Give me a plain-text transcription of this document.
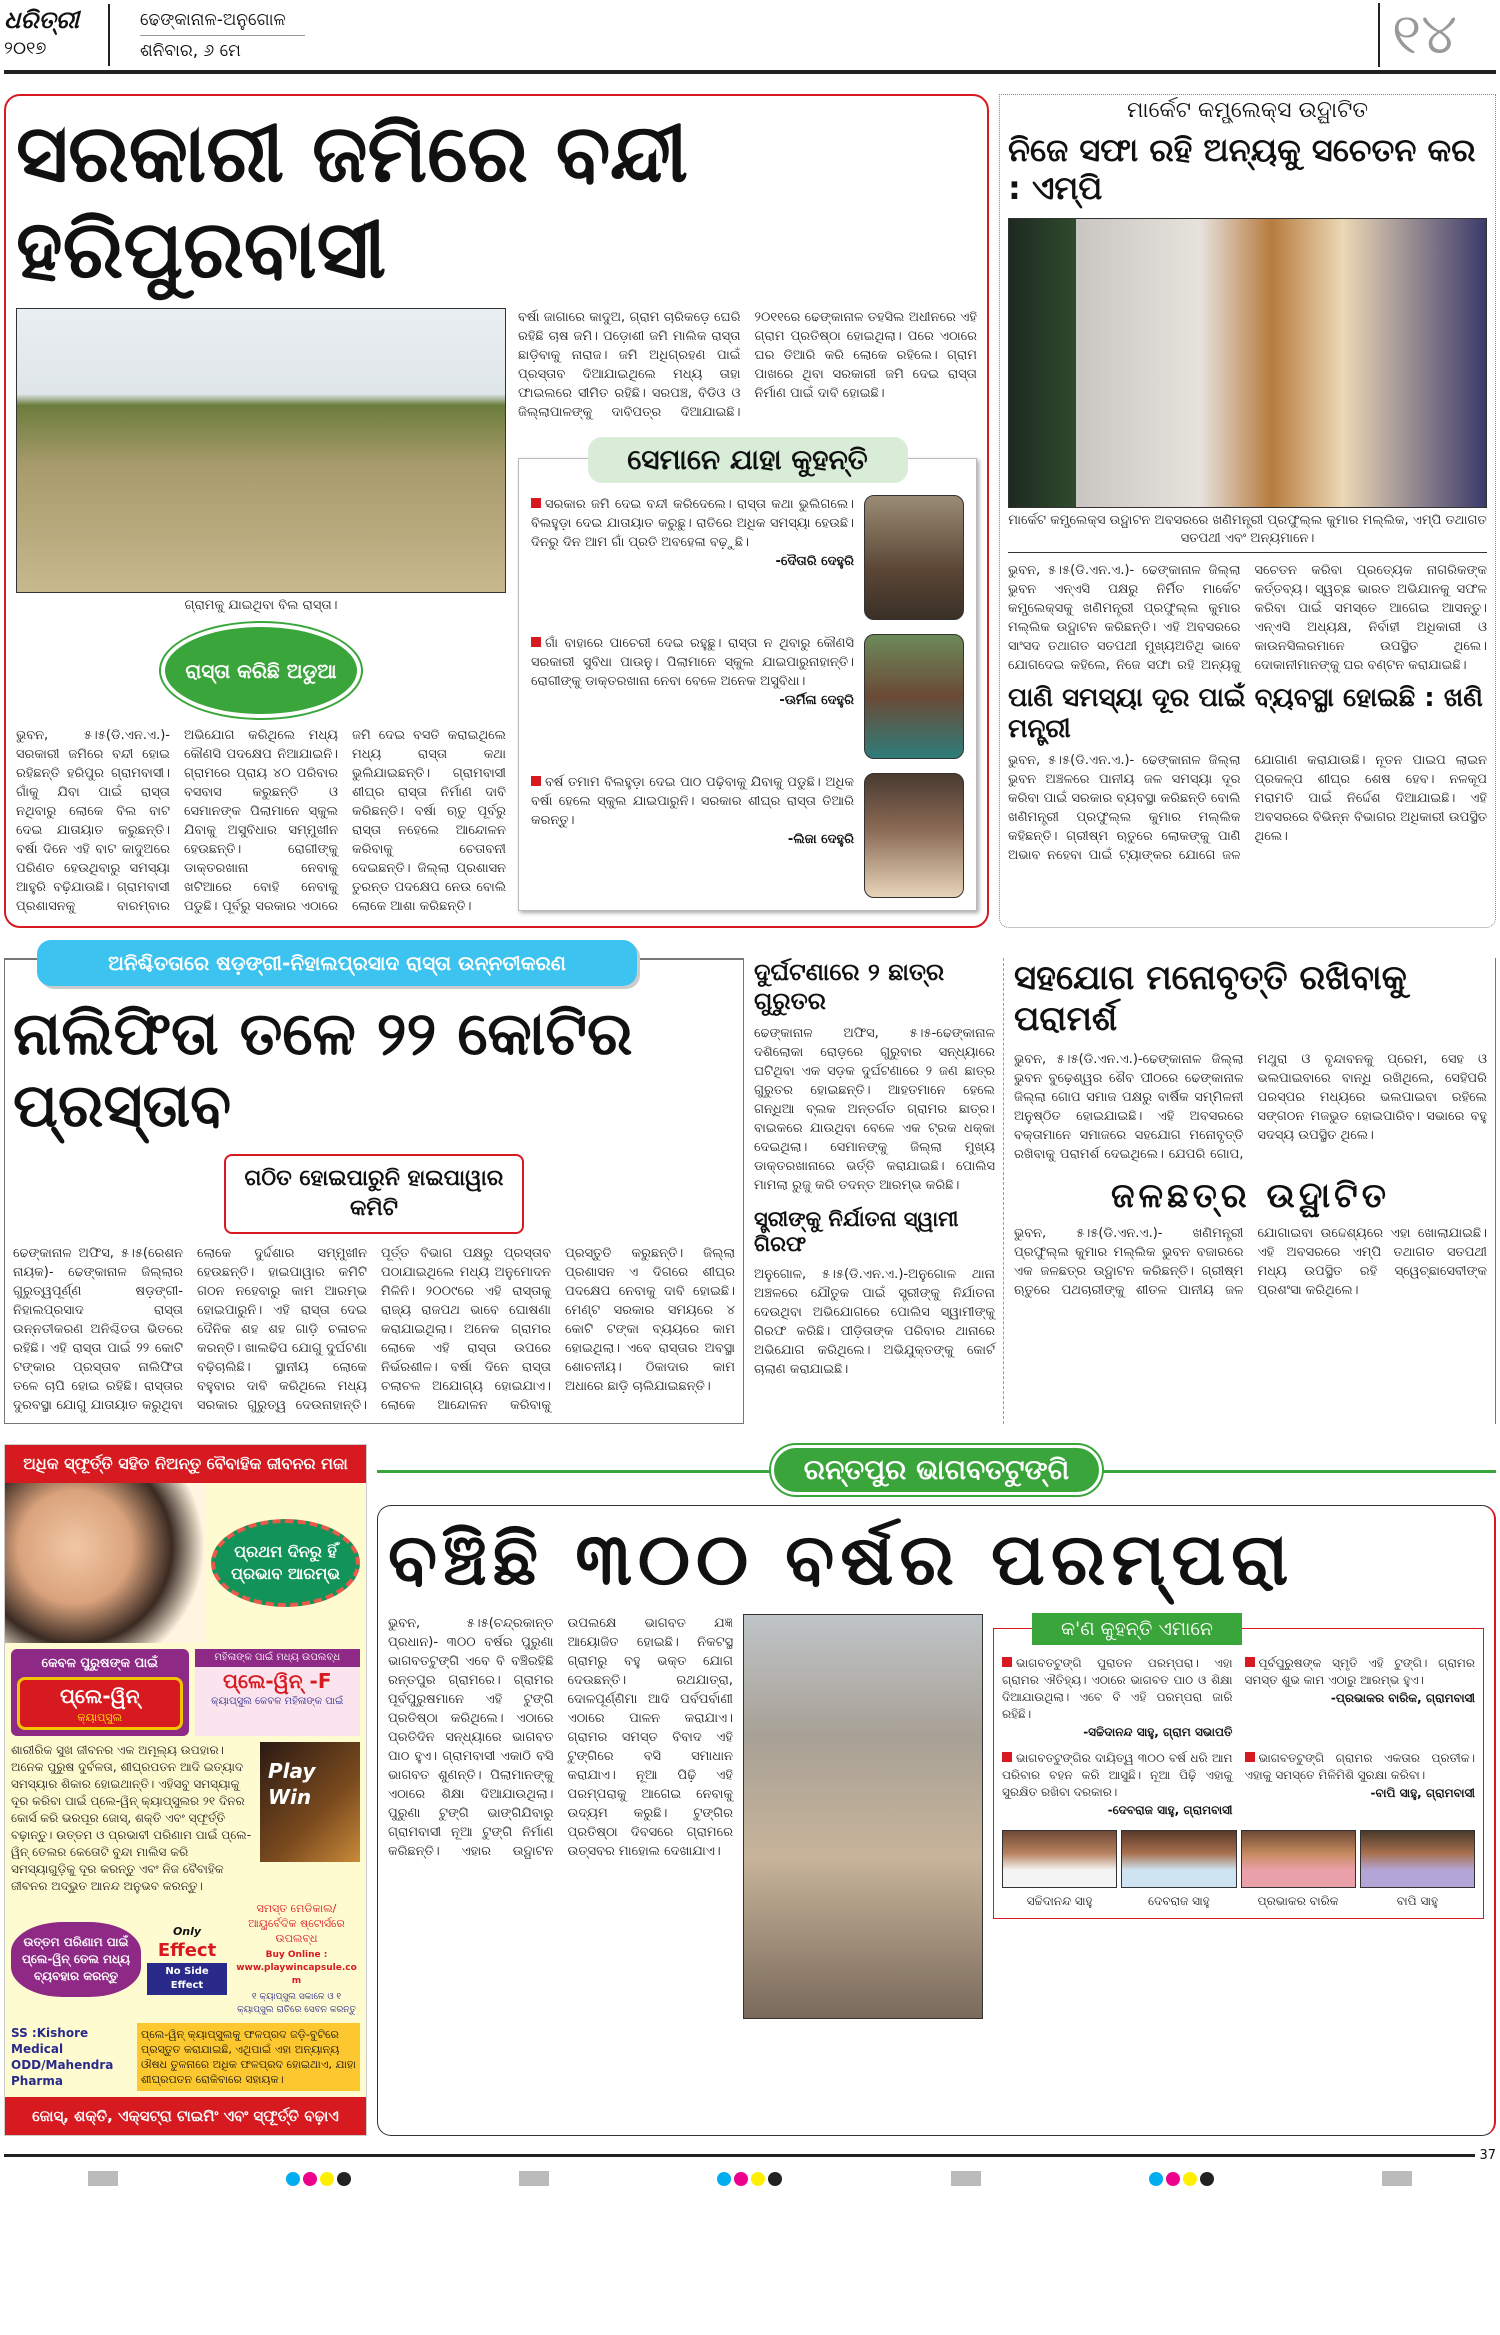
ଧରିତ୍ରୀ
୨୦୧୭
ଢେଙ୍କାନାଳ-ଅନୁଗୋଳ
ଶନିବାର, ୬ ମେ	୧୪
ସରକାରୀ ଜମିରେ ବନ୍ଦୀ ହରିପୁରବାସୀ
ଗ୍ରାମକୁ ଯାଇଥିବା ବିଲ ରାସ୍ତା।
ରାସ୍ତା କରିଛି ଅଡୁଆ
ଭୁବନ, ୫।୫(ଡି.ଏନ.ଏ.)- ସରକାରୀ ଜମିରେ ବନ୍ଦୀ ହୋଇ ରହିଛନ୍ତି ହରିପୁର ଗ୍ରାମବାସୀ। ଗାଁକୁ ଯିବା ପାଇଁ ରାସ୍ତା ନଥିବାରୁ ଲୋକେ ବିଲ ବାଟ ଦେଇ ଯାତାୟାତ କରୁଛନ୍ତି। ବର୍ଷା ଦିନେ ଏହି ବାଟ କାଦୁଅରେ ପରିଣତ ହେଉଥିବାରୁ ସମସ୍ୟା ଆହୁରି ବଢ଼ିଯାଉଛି। ଗ୍ରାମବାସୀ ପ୍ରଶାସନକୁ ବାରମ୍ବାର ଅଭିଯୋଗ କରିଥିଲେ ମଧ୍ୟ କୌଣସି ପଦକ୍ଷେପ ନିଆଯାଇନି। ଗ୍ରାମରେ ପ୍ରାୟ ୪୦ ପରିବାର ବସବାସ କରୁଛନ୍ତି ଓ ସେମାନଙ୍କ ପିଲାମାନେ ସ୍କୁଲ ଯିବାକୁ ଅସୁବିଧାର ସମ୍ମୁଖୀନ ହେଉଛନ୍ତି। ରୋଗୀଙ୍କୁ ଡାକ୍ତରଖାନା ନେବାକୁ ଖଟିଆରେ ବୋହି ନେବାକୁ ପଡୁଛି। ପୂର୍ବରୁ ସରକାର ଏଠାରେ ଜମି ଦେଇ ବସତି କରାଇଥିଲେ ମଧ୍ୟ ରାସ୍ତା କଥା ଭୁଲିଯାଇଛନ୍ତି। ଗ୍ରାମବାସୀ ଶୀଘ୍ର ରାସ୍ତା ନିର୍ମାଣ ଦାବି କରିଛନ୍ତି। ବର୍ଷା ଋତୁ ପୂର୍ବରୁ ରାସ୍ତା ନହେଲେ ଆନ୍ଦୋଳନ କରିବାକୁ ଚେତାବନୀ ଦେଇଛନ୍ତି। ଜିଲ୍ଲା ପ୍ରଶାସନ ତୁରନ୍ତ ପଦକ୍ଷେପ ନେଉ ବୋଲି ଲୋକେ ଆଶା କରିଛନ୍ତି।
ବର୍ଷା ଜାଗାରେ କାଦୁଅ, ଗ୍ରାମ ଚାରିକଡ଼େ ଘେରି ରହିଛି ଚାଷ ଜମି। ପଡ଼ୋଶୀ ଜମି ମାଲିକ ରାସ୍ତା ଛାଡ଼ିବାକୁ ନାରାଜ। ଜମି ଅଧିଗ୍ରହଣ ପାଇଁ ପ୍ରସ୍ତାବ ଦିଆଯାଇଥିଲେ ମଧ୍ୟ ତାହା ଫାଇଲରେ ସୀମିତ ରହିଛି। ସରପଞ୍ଚ, ବିଡିଓ ଓ ଜିଲ୍ଲାପାଳଙ୍କୁ ଦାବିପତ୍ର ଦିଆଯାଇଛି। ୨୦୧୧ରେ ଢେଙ୍କାନାଳ ତହସିଲ ଅଧୀନରେ ଏହି ଗ୍ରାମ ପ୍ରତିଷ୍ଠା ହୋଇଥିଲା। ପରେ ଏଠାରେ ଘର ତିଆରି କରି ଲୋକେ ରହିଲେ। ଗ୍ରାମ ପାଖରେ ଥିବା ସରକାରୀ ଜମି ଦେଇ ରାସ୍ତା ନିର୍ମାଣ ପାଇଁ ଦାବି ହୋଇଛି।
ସେମାନେ ଯାହା କୁହନ୍ତି
ସରକାର ଜମି ଦେଇ ବନ୍ଦୀ କରିଦେଲେ। ରାସ୍ତା କଥା ଭୁଲିଗଲେ। ବିଲହୁଡ଼ା ଦେଇ ଯାତାୟାତ କରୁଛୁ। ରାତିରେ ଅଧିକ ସମସ୍ୟା ହେଉଛି। ଦିନରୁ ଦିନ ଆମ ଗାଁ ପ୍ରତି ଅବହେଳା ବଢ଼ୁଛି।
-ଦୈତାରି ଦେହୁରି
ଗାଁ ବାହାରେ ପାଚେରୀ ଦେଇ ରହୁଛୁ। ରାସ୍ତା ନ ଥିବାରୁ କୌଣସି ସରକାରୀ ସୁବିଧା ପାଉନୁ। ପିଲାମାନେ ସ୍କୁଲ ଯାଇପାରୁନାହାନ୍ତି। ରୋଗୀଙ୍କୁ ଡାକ୍ତରଖାନା ନେବା ବେଳେ ଅନେକ ଅସୁବିଧା।
-ଊର୍ମିଳା ଦେହୁରି
ବର୍ଷ ତମାମ ବିଲହୁଡ଼ା ଦେଇ ପାଠ ପଢ଼ିବାକୁ ଯିବାକୁ ପଡୁଛି। ଅଧିକ ବର୍ଷା ହେଲେ ସ୍କୁଲ ଯାଇପାରୁନି। ସରକାର ଶୀଘ୍ର ରାସ୍ତା ତିଆରି କରନ୍ତୁ।
-ଲିଜା ଦେହୁରି
ମାର୍କେଟ କମ୍ପ୍ଲେକ୍ସ ଉଦ୍ଘାଟିତ
ନିଜେ ସଫା ରହି ଅନ୍ୟକୁ ସଚେତନ କର : ଏମ୍‌ପି
ମାର୍କେଟ କମ୍ପ୍ଲେକ୍ସ ଉଦ୍ଘାଟନ ଅବସରରେ ଖଣିମନ୍ତ୍ରୀ ପ୍ରଫୁଲ୍ଲ କୁମାର ମଲ୍ଲିକ, ଏମ୍‌ପି ତଥାଗତ ସତପଥୀ ଏବଂ ଅନ୍ୟମାନେ।
ଭୁବନ, ୫।୫(ଡି.ଏନ.ଏ.)- ଢେଙ୍କାନାଳ ଜିଲ୍ଲା ଭୁବନ ଏନ୍‌ଏସି ପକ୍ଷରୁ ନିର୍ମିତ ମାର୍କେଟ କମ୍ପ୍ଲେକ୍ସକୁ ଖଣିମନ୍ତ୍ରୀ ପ୍ରଫୁଲ୍ଲ କୁମାର ମଲ୍ଲିକ ଉଦ୍ଘାଟନ କରିଛନ୍ତି। ଏହି ଅବସରରେ ସାଂସଦ ତଥାଗତ ସତପଥୀ ମୁଖ୍ୟଅତିଥି ଭାବେ ଯୋଗଦେଇ କହିଲେ, ନିଜେ ସଫା ରହି ଅନ୍ୟକୁ ସଚେତନ କରିବା ପ୍ରତ୍ୟେକ ନାଗରିକଙ୍କ କର୍ତ୍ତବ୍ୟ। ସ୍ୱଚ୍ଛ ଭାରତ ଅଭିଯାନକୁ ସଫଳ କରିବା ପାଇଁ ସମସ୍ତେ ଆଗେଇ ଆସନ୍ତୁ। ଏନ୍‌ଏସି ଅଧ୍ୟକ୍ଷ, ନିର୍ବାହୀ ଅଧିକାରୀ ଓ କାଉନସିଲରମାନେ ଉପସ୍ଥିତ ଥିଲେ। ଦୋକାନୀମାନଙ୍କୁ ଘର ବଣ୍ଟନ କରାଯାଇଛି।
ପାଣି ସମସ୍ୟା ଦୂର ପାଇଁ ବ୍ୟବସ୍ଥା ହୋଇଛି : ଖଣି ମନ୍ତ୍ରୀ
ଭୁବନ, ୫।୫(ଡି.ଏନ.ଏ.)- ଢେଙ୍କାନାଳ ଜିଲ୍ଲା ଭୁବନ ଅଞ୍ଚଳରେ ପାନୀୟ ଜଳ ସମସ୍ୟା ଦୂର କରିବା ପାଇଁ ସରକାର ବ୍ୟବସ୍ଥା କରିଛନ୍ତି ବୋଲି ଖଣିମନ୍ତ୍ରୀ ପ୍ରଫୁଲ୍ଲ କୁମାର ମଲ୍ଲିକ କହିଛନ୍ତି। ଗ୍ରୀଷ୍ମ ଋତୁରେ ଲୋକଙ୍କୁ ପାଣି ଅଭାବ ନହେବା ପାଇଁ ଟ୍ୟାଙ୍କର ଯୋଗେ ଜଳ ଯୋଗାଣ କରାଯାଉଛି। ନୂତନ ପାଇପ ଲାଇନ ପ୍ରକଳ୍ପ ଶୀଘ୍ର ଶେଷ ହେବ। ନଳକୂପ ମରାମତି ପାଇଁ ନିର୍ଦ୍ଦେଶ ଦିଆଯାଇଛି। ଏହି ଅବସରରେ ବିଭିନ୍ନ ବିଭାଗର ଅଧିକାରୀ ଉପସ୍ଥିତ ଥିଲେ।
ଅନିଶ୍ଚିତତାରେ ଷଡ଼ଙ୍ଗୀ-ନିହାଲପ୍ରସାଦ ରାସ୍ତା ଉନ୍ନତୀକରଣ
ନାଲିଫିତା ତଳେ ୨୨ କୋଟିର ପ୍ରସ୍ତାବ
ଗଠିତ ହୋଇପାରୁନି ହାଇପାୱାର କମିଟି
ଢେଙ୍କାନାଳ ଅଫିସ, ୫।୫(ରେଶନ ନାୟକ)- ଢେଙ୍କାନାଳ ଜିଲ୍ଲାର ଗୁରୁତ୍ୱପୂର୍ଣ୍ଣ ଷଡ଼ଙ୍ଗୀ-ନିହାଲପ୍ରସାଦ ରାସ୍ତା ଉନ୍ନତୀକରଣ ଅନିଶ୍ଚିତତା ଭିତରେ ରହିଛି। ଏହି ରାସ୍ତା ପାଇଁ ୨୨ କୋଟି ଟଙ୍କାର ପ୍ରସ୍ତାବ ନାଲିଫିତା ତଳେ ଚାପି ହୋଇ ରହିଛି। ରାସ୍ତାର ଦୁରବସ୍ଥା ଯୋଗୁ ଯାତାୟାତ କରୁଥିବା ଲୋକେ ଦୁର୍ଦ୍ଦଶାର ସମ୍ମୁଖୀନ ହେଉଛନ୍ତି। ହାଇପାୱାର କମିଟି ଗଠନ ନହେବାରୁ କାମ ଆରମ୍ଭ ହୋଇପାରୁନି। ଏହି ରାସ୍ତା ଦେଇ ଦୈନିକ ଶହ ଶହ ଗାଡ଼ି ଚଳାଚଳ କରନ୍ତି। ଖାଲଢିପ ଯୋଗୁ ଦୁର୍ଘଟଣା ବଢ଼ିଚାଲିଛି। ସ୍ଥାନୀୟ ଲୋକେ ବହୁବାର ଦାବି କରିଥିଲେ ମଧ୍ୟ ସରକାର ଗୁରୁତ୍ୱ ଦେଉନାହାନ୍ତି। ପୂର୍ତ୍ତ ବିଭାଗ ପକ୍ଷରୁ ପ୍ରସ୍ତାବ ପଠାଯାଇଥିଲେ ମଧ୍ୟ ଅନୁମୋଦନ ମିଳିନି। ୨୦୦୯ରେ ଏହି ରାସ୍ତାକୁ ରାଜ୍ୟ ରାଜପଥ ଭାବେ ଘୋଷଣା କରାଯାଇଥିଲା। ଅନେକ ଗ୍ରାମର ଲୋକେ ଏହି ରାସ୍ତା ଉପରେ ନିର୍ଭରଶୀଳ। ବର୍ଷା ଦିନେ ରାସ୍ତା ଚଲାଚଳ ଅଯୋଗ୍ୟ ହୋଇଯାଏ। ଲୋକେ ଆନ୍ଦୋଳନ କରିବାକୁ ପ୍ରସ୍ତୁତି କରୁଛନ୍ତି। ଜିଲ୍ଲା ପ୍ରଶାସନ ଏ ଦିଗରେ ଶୀଘ୍ର ପଦକ୍ଷେପ ନେବାକୁ ଦାବି ହୋଇଛି। ମେଣ୍ଟ ସରକାର ସମୟରେ ୪ କୋଟି ଟଙ୍କା ବ୍ୟୟରେ କାମ ହୋଇଥିଲା। ଏବେ ରାସ୍ତାର ଅବସ୍ଥା ଶୋଚନୀୟ। ଠିକାଦାର କାମ ଅଧାରେ ଛାଡ଼ି ଚାଲିଯାଇଛନ୍ତି।
ଦୁର୍ଘଟଣାରେ ୨ ଛାତ୍ର ଗୁରୁତର
ଢେଙ୍କାନାଳ ଅଫିସ, ୫।୫-ଢେଙ୍କାନାଳ ଦଶିଲୋକା ରୋଡ଼ରେ ଗୁରୁବାର ସନ୍ଧ୍ୟାରେ ଘଟିଥିବା ଏକ ସଡ଼କ ଦୁର୍ଘଟଣାରେ ୨ ଜଣ ଛାତ୍ର ଗୁରୁତର ହୋଇଛନ୍ତି। ଆହତମାନେ ହେଲେ ଗନ୍ଧିଆ ବ୍ଲକ ଅନ୍ତର୍ଗତ ଗ୍ରାମର ଛାତ୍ର। ବାଇକରେ ଯାଉଥିବା ବେଳେ ଏକ ଟ୍ରକ ଧକ୍କା ଦେଇଥିଲା। ସେମାନଙ୍କୁ ଜିଲ୍ଲା ମୁଖ୍ୟ ଡାକ୍ତରଖାନାରେ ଭର୍ତ୍ତି କରାଯାଇଛି। ପୋଲିସ ମାମଲା ରୁଜୁ କରି ତଦନ୍ତ ଆରମ୍ଭ କରିଛି।
ସ୍ତ୍ରୀଙ୍କୁ ନିର୍ଯାତନା ସ୍ୱାମୀ ଗିରଫ
ଅନୁଗୋଳ, ୫।୫(ଡି.ଏନ.ଏ.)-ଅନୁଗୋଳ ଥାନା ଅଞ୍ଚଳରେ ଯୌତୁକ ପାଇଁ ସ୍ତ୍ରୀଙ୍କୁ ନିର୍ଯାତନା ଦେଉଥିବା ଅଭିଯୋଗରେ ପୋଲିସ ସ୍ୱାମୀଙ୍କୁ ଗିରଫ କରିଛି। ପୀଡ଼ିତାଙ୍କ ପରିବାର ଥାନାରେ ଅଭିଯୋଗ କରିଥିଲେ। ଅଭିଯୁକ୍ତଙ୍କୁ କୋର୍ଟ ଚାଲାଣ କରାଯାଇଛି।
ସହଯୋଗ ମନୋବୃତ୍ତି ରଖିବାକୁ ପରାମର୍ଶ
ଭୁବନ, ୫।୫(ଡି.ଏନ.ଏ.)-ଢେଙ୍କାନାଳ ଜିଲ୍ଲା ଭୁବନ ବୁଢ଼େଶ୍ୱର ଶୈବ ପୀଠରେ ଢେଙ୍କାନାଳ ଜିଲ୍ଲା ଗୋପ ସମାଜ ପକ୍ଷରୁ ବାର୍ଷିକ ସମ୍ମିଳନୀ ଅନୁଷ୍ଠିତ ହୋଇଯାଇଛି। ଏହି ଅବସରରେ ବକ୍ତାମାନେ ସମାଜରେ ସହଯୋଗ ମନୋବୃତ୍ତି ରଖିବାକୁ ପରାମର୍ଶ ଦେଇଥିଲେ। ଯେପରି ଗୋପ, ମଥୁରା ଓ ବୃନ୍ଦାବନକୁ ପ୍ରେମ, ସେହ ଓ ଭଲପାଇବାରେ ବାନ୍ଧି ରଖିଥିଲେ, ସେହିପରି ପରସ୍ପର ମଧ୍ୟରେ ଭଲପାଇବା ରହିଲେ ସଙ୍ଗଠନ ମଜଭୁତ ହୋଇପାରିବ। ସଭାରେ ବହୁ ସଦସ୍ୟ ଉପସ୍ଥିତ ଥିଲେ।
ଜଳଛତ୍ର ଉଦ୍ଘାଟିତ
ଭୁବନ, ୫।୫(ଡି.ଏନ.ଏ.)- ଖଣିମନ୍ତ୍ରୀ ପ୍ରଫୁଲ୍ଲ କୁମାର ମଲ୍ଲିକ ଭୁବନ ବଜାରରେ ଏକ ଜଳଛତ୍ର ଉଦ୍ଘାଟନ କରିଛନ୍ତି। ଗ୍ରୀଷ୍ମ ଋତୁରେ ପଥଚାରୀଙ୍କୁ ଶୀତଳ ପାନୀୟ ଜଳ ଯୋଗାଇବା ଉଦ୍ଦେଶ୍ୟରେ ଏହା ଖୋଲାଯାଇଛି। ଏହି ଅବସରରେ ଏମ୍‌ପି ତଥାଗତ ସତପଥୀ ମଧ୍ୟ ଉପସ୍ଥିତ ରହି ସ୍ୱେଚ୍ଛାସେବୀଙ୍କ ପ୍ରଶଂସା କରିଥିଲେ।
ଅଧିକ ସ୍ଫୂର୍ତ୍ତି ସହିତ ନିଅନ୍ତୁ ବୈବାହିକ ଜୀବନର ମଜା
ପ୍ରଥମ ଦିନରୁ ହିଁ ପ୍ରଭାବ ଆରମ୍ଭ
କେବଳ ପୁରୁଷଙ୍କ ପାଇଁ
ପ୍ଲେ-ୱିନ୍
କ୍ୟାପ୍‌ସୁଲ
ମହିଳାଙ୍କ ପାଇଁ ମଧ୍ୟ ଉପଲବ୍ଧ
ପ୍ଲେ-ୱିନ୍ -F
କ୍ୟାପ୍‌ସୁଲ କେବଳ ମହିଳାଙ୍କ ପାଇଁ
ଶାରୀରିକ ସୁଖ ଜୀବନର ଏକ ଅମୂଲ୍ୟ ଉପହାର। ଅନେକ ପୁରୁଷ ଦୁର୍ବଳତା, ଶୀଘ୍ରପତନ ଆଦି ଇତ୍ୟାଦ ସମସ୍ୟାର ଶିକାର ହୋଇଥାନ୍ତି। ଏହିସବୁ ସମସ୍ୟାକୁ ଦୂର କରିବା ପାଇଁ ପ୍ଲେ-ୱିନ୍ କ୍ୟାପ୍‌ସୁଲର ୨୧ ଦିନର କୋର୍ସ କରି ଭରପୂର ଜୋସ୍, ଶକ୍ତି ଏବଂ ସ୍ଫୂର୍ତ୍ତି ବଢ଼ାନ୍ତୁ। ଉତ୍ତମ ଓ ପ୍ରଭାବୀ ପରିଣାମ ପାଇଁ ପ୍ଲେ-ୱିନ୍ ତେଲର କେତୋଟି ବୁନ୍ଦା ମାଲିସ କରି ସମସ୍ୟାଗୁଡ଼ିକୁ ଦୂର କରନ୍ତୁ ଏବଂ ନିଜ ବୈବାହିକ ଜୀବନର ଅଦ୍ଭୁତ ଆନନ୍ଦ ଅନୁଭବ କରନ୍ତୁ।
Play Win
ଉତ୍ତମ ପରିଣାମ ପାଇଁ ପ୍ଲେ-ୱିନ୍ ତେଲ ମଧ୍ୟ ବ୍ୟବହାର କରନ୍ତୁ
Only
Effect
No Side Effect
ସମସ୍ତ ମେଡିକାଲ/ଆୟୁର୍ବେଦିକ ଷ୍ଟୋର୍ସରେ ଉପଲବ୍ଧ
Buy Online : www.playwincapsule.com
୧ କ୍ୟାପ୍‌ସୁଲ ସକାଳେ ଓ ୧ କ୍ୟାପ୍‌ସୁଲ ରାତିରେ ସେବନ କରନ୍ତୁ
SS :Kishore Medical ODD/Mahendra Pharma
ପ୍ଲେ-ୱିନ୍ କ୍ୟାପ୍‌ସୁଲକୁ ଫଳପ୍ରଦ ଜଡ଼ି-ବୁଟିରେ ପ୍ରସ୍ତୁତ କରାଯାଇଛି, ଏଥିପାଇଁ ଏହା ଅନ୍ୟାନ୍ୟ ଔଷଧ ତୁଳନାରେ ଅଧିକ ଫଳପ୍ରଦ ହୋଇଥାଏ, ଯାହା ଶୀଘ୍ରପତନ ରୋକିବାରେ ସହାୟକ।
ଜୋସ୍, ଶକ୍ତି, ଏକ୍ସଟ୍ରା ଟାଇମିଂ ଏବଂ ସ୍ଫୂର୍ତ୍ତି ବଢ଼ାଏ
ରନ୍ତପୁର ଭାଗବତଟୁଙ୍ଗି
ବଞ୍ଚିଛି ୩୦୦ ବର୍ଷର ପରମ୍ପରା
ଭୁବନ, ୫।୫(ଚନ୍ଦ୍ରକାନ୍ତ ପ୍ରଧାନ)- ୩୦୦ ବର୍ଷର ପୁରୁଣା ଭାଗବତଟୁଙ୍ଗି ଏବେ ବି ବଞ୍ଚିରହିଛି ରନ୍ତପୁର ଗ୍ରାମରେ। ଗ୍ରାମର ପୂର୍ବପୁରୁଷମାନେ ଏହି ଟୁଙ୍ଗି ପ୍ରତିଷ୍ଠା କରିଥିଲେ। ଏଠାରେ ପ୍ରତିଦିନ ସନ୍ଧ୍ୟାରେ ଭାଗବତ ପାଠ ହୁଏ। ଗ୍ରାମବାସୀ ଏକାଠି ବସି ଭାଗବତ ଶୁଣନ୍ତି। ପିଲାମାନଙ୍କୁ ଏଠାରେ ଶିକ୍ଷା ଦିଆଯାଉଥିଲା। ପୁରୁଣା ଟୁଙ୍ଗି ଭାଙ୍ଗିଯିବାରୁ ଗ୍ରାମବାସୀ ନୂଆ ଟୁଙ୍ଗି ନିର୍ମାଣ କରିଛନ୍ତି। ଏହାର ଉଦ୍ଘାଟନ ଉପଲକ୍ଷେ ଭାଗବତ ଯଜ୍ଞ ଆୟୋଜିତ ହୋଇଛି। ନିକଟସ୍ଥ ଗ୍ରାମରୁ ବହୁ ଭକ୍ତ ଯୋଗ ଦେଉଛନ୍ତି। ରଥଯାତ୍ରା, ଦୋଳପୂର୍ଣ୍ଣିମା ଆଦି ପର୍ବପର୍ବାଣୀ ଏଠାରେ ପାଳନ କରାଯାଏ। ଗ୍ରାମର ସମସ୍ତ ବିବାଦ ଏହି ଟୁଙ୍ଗିରେ ବସି ସମାଧାନ କରାଯାଏ। ନୂଆ ପିଢ଼ି ଏହି ପରମ୍ପରାକୁ ଆଗେଇ ନେବାକୁ ଉଦ୍ୟମ କରୁଛି। ଟୁଙ୍ଗିର ପ୍ରତିଷ୍ଠା ଦିବସରେ ଗ୍ରାମରେ ଉତ୍ସବର ମାହୋଲ ଦେଖାଯାଏ।
କ'ଣ କୁହନ୍ତି ଏମାନେ
ଭାଗବତଟୁଙ୍ଗି ପୁରାତନ ପରମ୍ପରା। ଏହା ଗ୍ରାମର ଐତିହ୍ୟ। ଏଠାରେ ଭାଗବତ ପାଠ ଓ ଶିକ୍ଷା ଦିଆଯାଉଥିଲା। ଏବେ ବି ଏହି ପରମ୍ପରା ଜାରି ରହିଛି।
-ସଚ୍ଚିଦାନନ୍ଦ ସାହୁ, ଗ୍ରାମ ସଭାପତି
ପୂର୍ବପୁରୁଷଙ୍କ ସ୍ମୃତି ଏହି ଟୁଙ୍ଗି। ଗ୍ରାମର ସମସ୍ତ ଶୁଭ କାମ ଏଠାରୁ ଆରମ୍ଭ ହୁଏ।
-ପ୍ରଭାକର ବାରିକ, ଗ୍ରାମବାସୀ
ଭାଗବତଟୁଙ୍ଗିର ଦାୟିତ୍ୱ ୩୦୦ ବର୍ଷ ଧରି ଆମ ପରିବାର ବହନ କରି ଆସୁଛି। ନୂଆ ପିଢ଼ି ଏହାକୁ ସୁରକ୍ଷିତ ରଖିବା ଦରକାର।
-ଦେବରାଜ ସାହୁ, ଗ୍ରାମବାସୀ
ଭାଗବତଟୁଙ୍ଗି ଗ୍ରାମର ଏକତାର ପ୍ରତୀକ। ଏହାକୁ ସମସ୍ତେ ମିଳିମିଶି ସୁରକ୍ଷା କରିବା।
-ବାପି ସାହୁ, ଗ୍ରାମବାସୀ
ସଚ୍ଚିଦାନନ୍ଦ ସାହୁ	ଦେବରାଜ ସାହୁ	ପ୍ରଭାକର ବାରିକ	ବାପି ସାହୁ
37
